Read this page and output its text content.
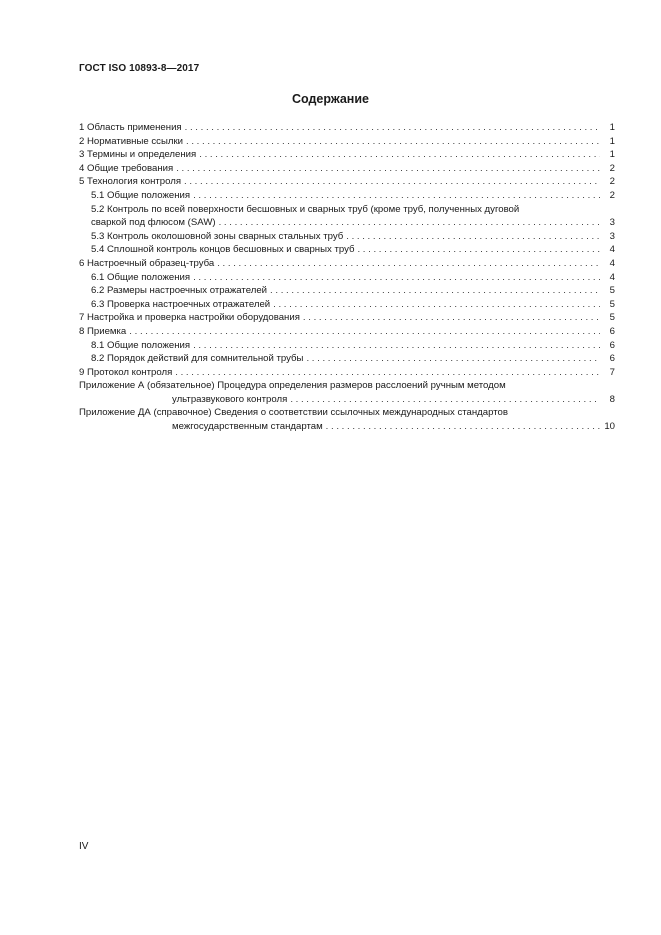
ГОСТ ISO 10893-8—2017
Содержание
1 Область применения . . .	1
2 Нормативные ссылки . . .	1
3 Термины и определения . . .	1
4 Общие требования . . .	2
5 Технология контроля . . .	2
5.1 Общие положения . . .	2
5.2 Контроль по всей поверхности бесшовных и сварных труб (кроме труб, полученных дуговой
сваркой под флюсом (SAW) . . .	3
5.3 Контроль околошовной зоны сварных стальных труб . . .	3
5.4 Сплошной контроль концов бесшовных и сварных труб . . .	4
6 Настроечный образец-труба . . .	4
6.1 Общие положения . . .	4
6.2 Размеры настроечных отражателей . . .	5
6.3 Проверка настроечных отражателей . . .	5
7 Настройка и проверка настройки оборудования . . .	5
8 Приемка . . .	6
8.1 Общие положения . . .	6
8.2 Порядок действий для сомнительной трубы . . .	6
9 Протокол контроля . . .	7
Приложение А (обязательное) Процедура определения размеров расслоений ручным методом
ультразвукового контроля . . .	8
Приложение ДА (справочное) Сведения о соответствии ссылочных международных стандартов
межгосударственным стандартам . . .	10
IV
